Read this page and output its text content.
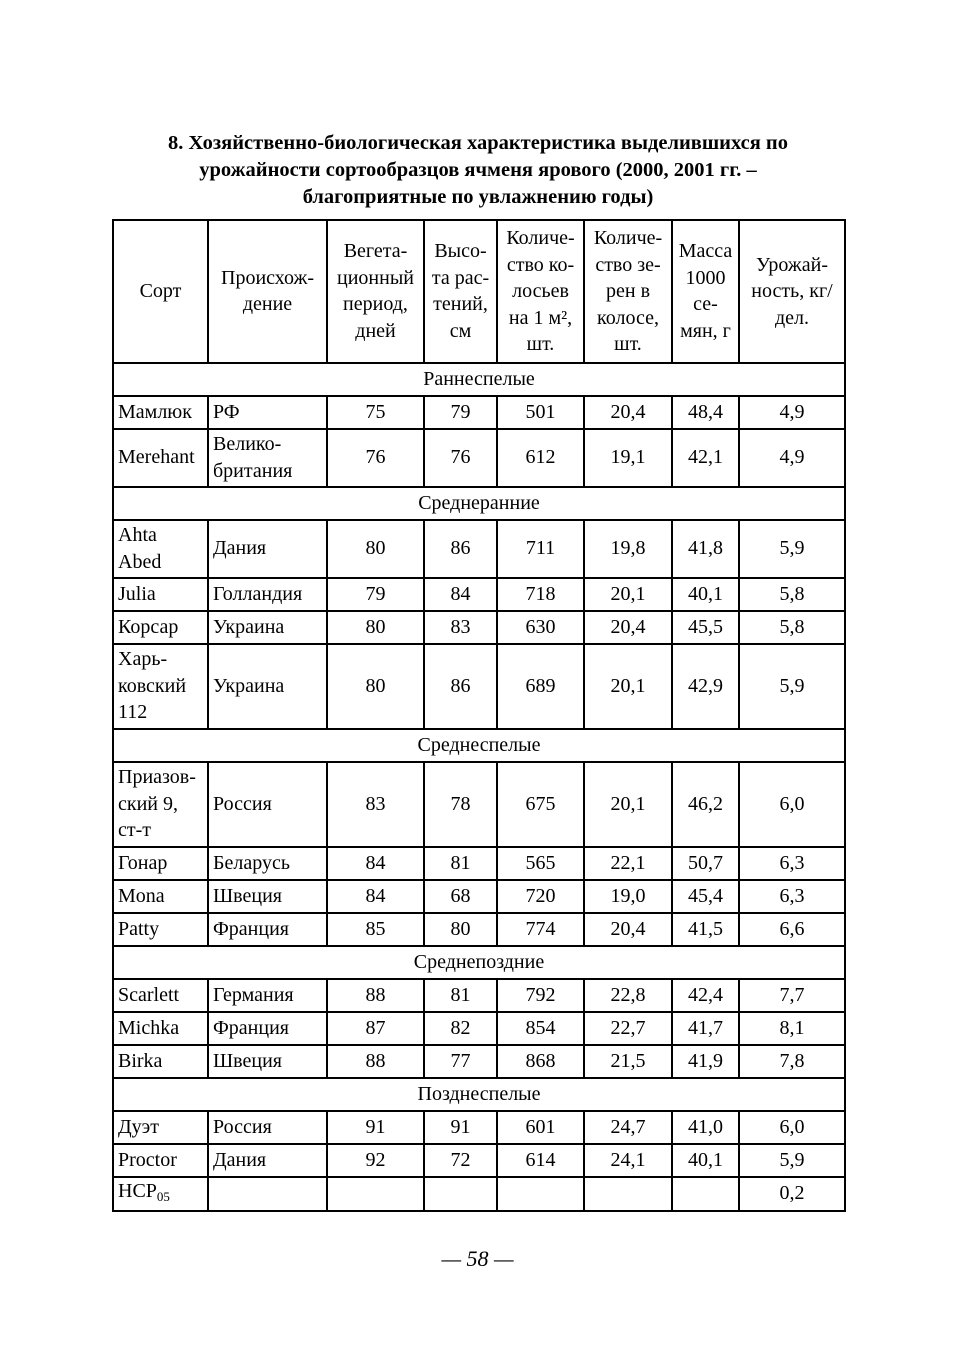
8. Хозяйственно-биологическая характеристика выделившихся по
урожайности сортообразцов ячменя ярового (2000, 2001 гг. –
благоприятные по увлажнению годы)
Сорт	Происхож-дение	Вегета-ционный период, дней	Высо-та рас-тений, см	Количе-ство ко-лосьев на 1 м², шт.	Количе-ство зе-рен в колосе, шт.	Масса 1000 се-мян, г	Урожай-ность, кг/дел.
Раннеспелые							
Мамлюк	РФ	75	79	501	20,4	48,4	4,9
Merehant	Велико-британия	76	76	612	19,1	42,1	4,9
Среднеранние							
Ahta Abed	Дания	80	86	711	19,8	41,8	5,9
Julia	Голландия	79	84	718	20,1	40,1	5,8
Корсар	Украина	80	83	630	20,4	45,5	5,8
Харь-ковский 112	Украина	80	86	689	20,1	42,9	5,9
Среднеспелые							
Приазов-ский 9, ст-т	Россия	83	78	675	20,1	46,2	6,0
Гонар	Беларусь	84	81	565	22,1	50,7	6,3
Mona	Швеция	84	68	720	19,0	45,4	6,3
Patty	Франция	85	80	774	20,4	41,5	6,6
Среднепоздние							
Scarlett	Германия	88	81	792	22,8	42,4	7,7
Michka	Франция	87	82	854	22,7	41,7	8,1
Birka	Швеция	88	77	868	21,5	41,9	7,8
Позднеспелые							
Дуэт	Россия	91	91	601	24,7	41,0	6,0
Proctor	Дания	92	72	614	24,1	40,1	5,9
$НСР_{05}$							0,2
— 58 —
